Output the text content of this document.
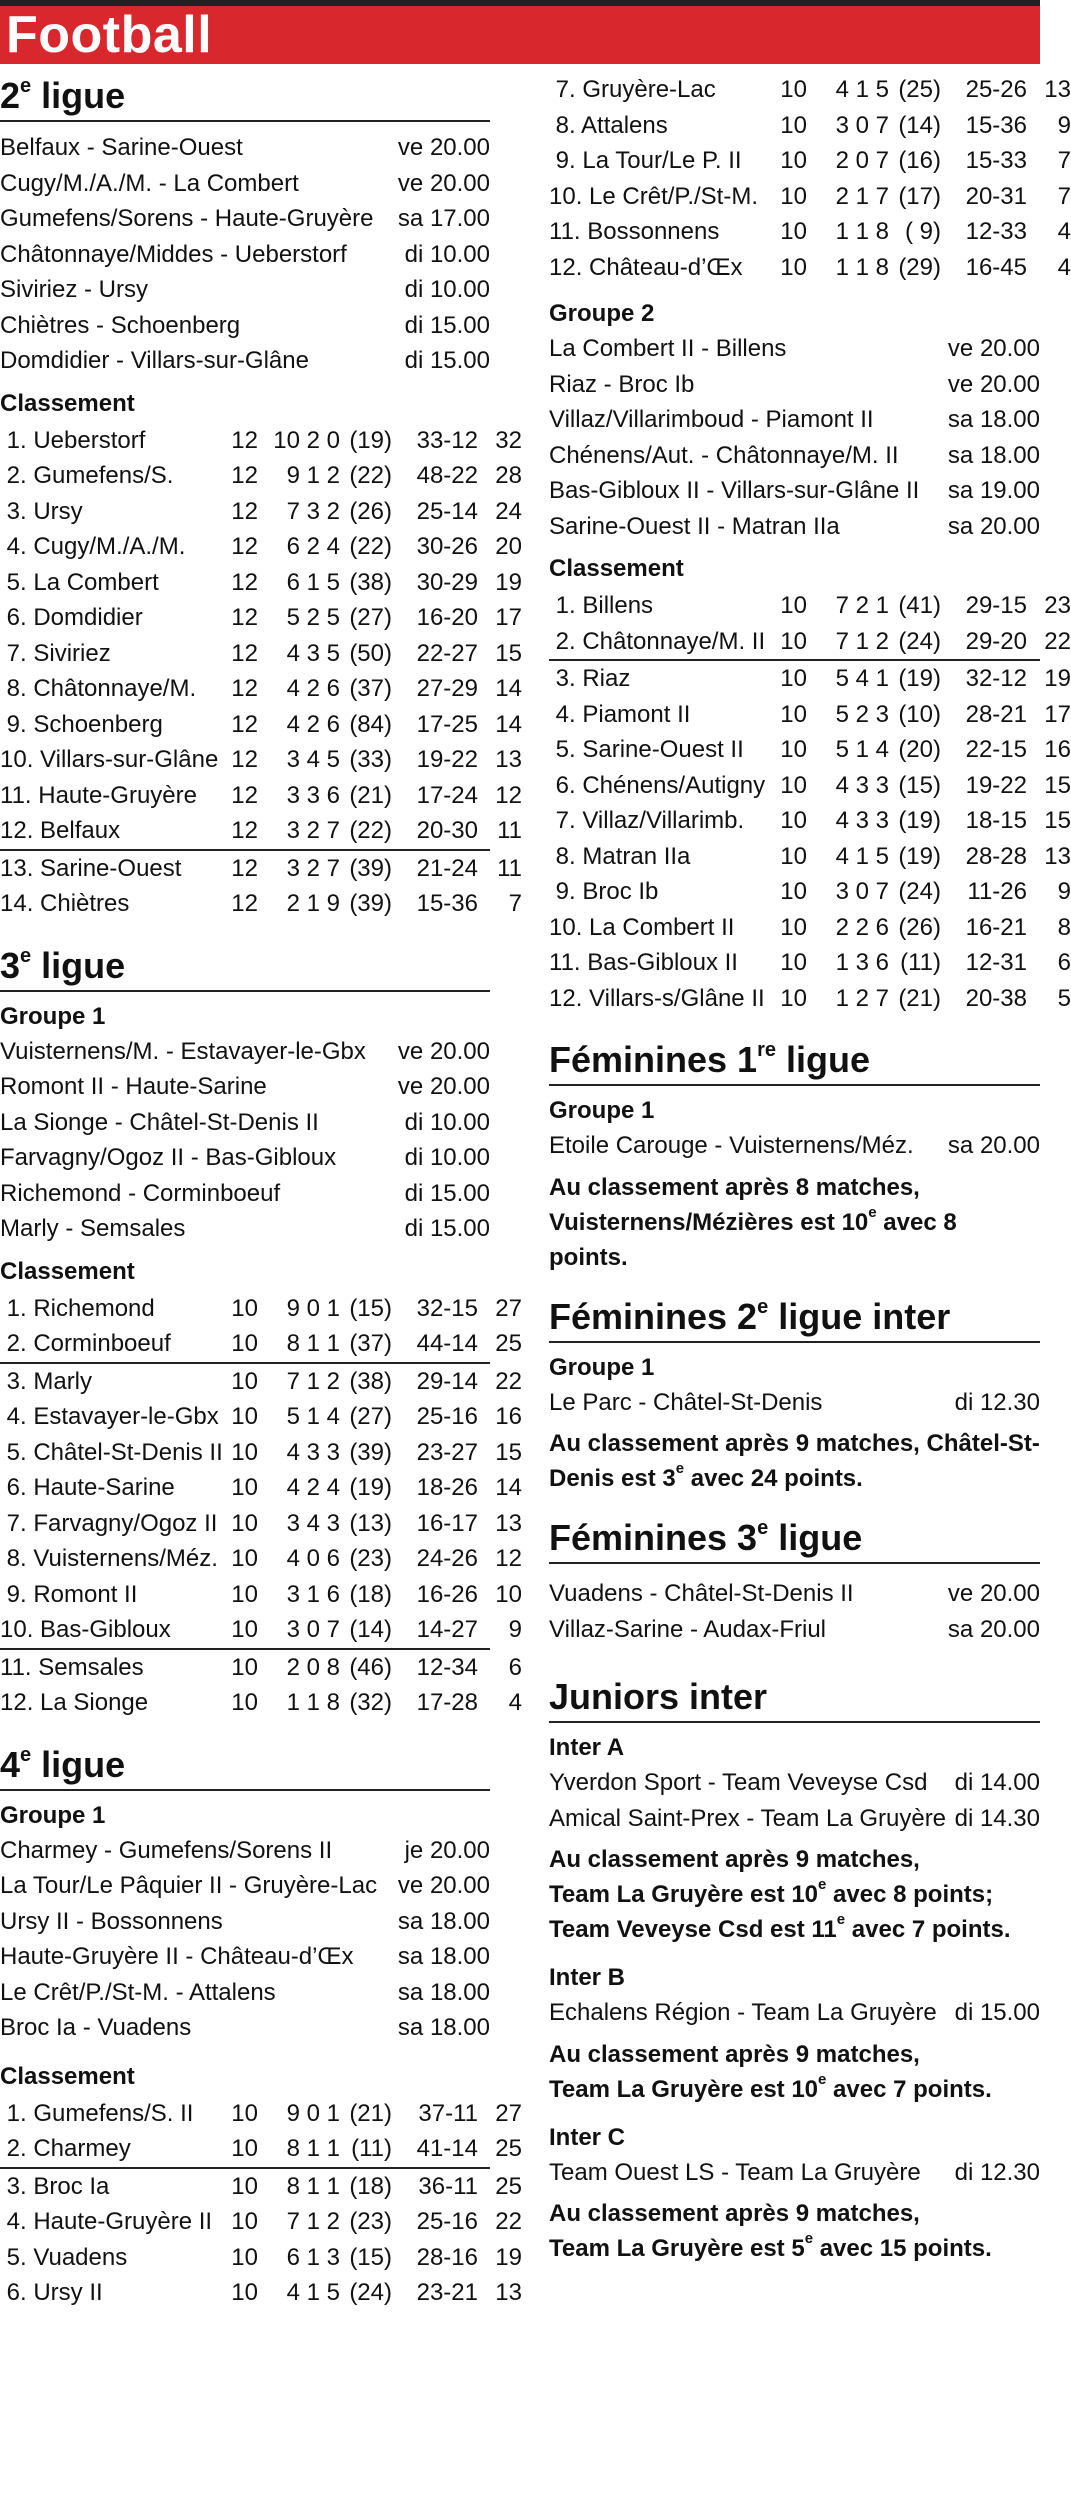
Football
2e ligue
Belfaux - Sarine-Ouest	ve 20.00
Cugy/M./A./M. - La Combert	ve 20.00
Gumefens/Sorens - Haute-Gruyère sa 17.00
Châtonnaye/Middes - Ueberstorf di 10.00
Siviriez - Ursy	di 10.00
Chiètres - Schoenberg	di 15.00
Domdidier - Villars-sur-Glâne	di 15.00
Classement
1. Ueberstorf	12 10 2 0 (19)	33-12 32
2. Gumefens/S.	12	9 1 2 (22)	48-22 28
3. Ursy	12	7 3 2 (26)	25-14 24
4. Cugy/M./A./M.	12	6 2 4 (22)	30-26 20
5. La Combert	12	6 1 5 (38)	30-29 19
6. Domdidier	12	5 2 5 (27)	16-20 17
7. Siviriez	12	4 3 5 (50)	22-27 15
8. Châtonnaye/M.	12	4 2 6 (37)	27-29 14
9. Schoenberg	12	4 2 6 (84)	17-25 14
10. Villars-sur-Glâne 12	3 4 5 (33)	19-22 13
11. Haute-Gruyère	12	3 3 6 (21)	17-24 12
12. Belfaux	12	3 2 7 (22)	20-30 11
13. Sarine-Ouest	12	3 2 7 (39)	21-24 11
14. Chiètres	12	2 1 9 (39)	15-36	7
3e ligue
Groupe 1
Vuisternens/M. - Estavayer-le-Gbx ve 20.00
Romont II - Haute-Sarine	ve 20.00
La Sionge - Châtel-St-Denis II	di 10.00
Farvagny/Ogoz II - Bas-Gibloux	di 10.00
Richemond - Corminboeuf	di 15.00
Marly - Semsales	di 15.00
Classement
1. Richemond	10	9 0 1 (15)	32-15 27
2. Corminboeuf	10	8 1 1 (37)	44-14 25
3. Marly	10	7 1 2 (38)	29-14 22
4. Estavayer-le-Gbx 10	5 1 4 (27)	25-16 16
5. Châtel-St-Denis II 10	4 3 3 (39)	23-27 15
6. Haute-Sarine	10	4 2 4 (19)	18-26 14
7. Farvagny/Ogoz II 10	3 4 3 (13)	16-17 13
8. Vuisternens/Méz. 10	4 0 6 (23)	24-26 12
9. Romont II	10	3 1 6 (18)	16-26 10
10. Bas-Gibloux	10	3 0 7 (14)	14-27	9
11. Semsales	10	2 0 8 (46)	12-34	6
12. La Sionge	10	1 1 8 (32)	17-28	4
4e ligue
Groupe 1
Charmey - Gumefens/Sorens II	je 20.00
La Tour/Le Pâquier II - Gruyère-Lac ve 20.00
Ursy II - Bossonnens	sa 18.00
Haute-Gruyère II - Château-d’Œx sa 18.00
Le Crêt/P./St-M. - Attalens	sa 18.00
Broc Ia - Vuadens	sa 18.00
Classement
1. Gumefens/S. II	10	9 0 1 (21)	37-11 27
2. Charmey	10	8 1 1 (11)	41-14 25
3. Broc Ia	10	8 1 1 (18)	36-11 25
4. Haute-Gruyère II 10	7 1 2 (23)	25-16 22
5. Vuadens	10	6 1 3 (15)	28-16 19
6. Ursy II	10	4 1 5 (24)	23-21 13
7. Gruyère-Lac	10	4 1 5 (25)	25-26 13
8. Attalens	10	3 0 7 (14)	15-36	9
9. La Tour/Le P. II	10	2 0 7 (16)	15-33	7
10. Le Crêt/P./St-M. 10	2 1 7 (17)	20-31	7
11. Bossonnens	10	1 1 8 ( 9)	12-33	4
12. Château-d’Œx	10	1 1 8 (29)	16-45	4
Groupe 2
La Combert II - Billens	ve 20.00
Riaz - Broc Ib	ve 20.00
Villaz/Villarimboud - Piamont II	sa 18.00
Chénens/Aut. - Châtonnaye/M. II sa 18.00
Bas-Gibloux II - Villars-sur-Glâne II sa 19.00
Sarine-Ouest II - Matran IIa	sa 20.00
Classement
1. Billens	10	7 2 1 (41)	29-15 23
2. Châtonnaye/M. II 10	7 1 2 (24)	29-20 22
3. Riaz	10	5 4 1 (19)	32-12 19
4. Piamont II	10	5 2 3 (10)	28-21 17
5. Sarine-Ouest II	10	5 1 4 (20)	22-15 16
6. Chénens/Autigny 10	4 3 3 (15)	19-22 15
7. Villaz/Villarimb.	10	4 3 3 (19)	18-15 15
8. Matran IIa	10	4 1 5 (19)	28-28 13
9. Broc Ib	10	3 0 7 (24)	11-26	9
10. La Combert II	10	2 2 6 (26)	16-21	8
11. Bas-Gibloux II	10	1 3 6 (11)	12-31	6
12. Villars-s/Glâne II 10	1 2 7 (21)	20-38	5
Féminines 1re ligue
Groupe 1
Etoile Carouge - Vuisternens/Méz. sa 20.00
Au classement après 8 matches, Vuisternens/Mézières est 10e avec 8 points.
Féminines 2e ligue inter
Groupe 1
Le Parc - Châtel-St-Denis	di 12.30
Au classement après 9 matches, Châtel-St-Denis est 3e avec 24 points.
Féminines 3e ligue
Vuadens - Châtel-St-Denis II	ve 20.00
Villaz-Sarine - Audax-Friul	sa 20.00
Juniors inter
Inter A
Yverdon Sport - Team Veveyse Csd di 14.00
Amical Saint-Prex - Team La Gruyère di 14.30
Au classement après 9 matches,
Team La Gruyère est 10e avec 8 points;
Team Veveyse Csd est 11e avec 7 points.
Inter B
Echalens Région - Team La Gruyère di 15.00
Au classement après 9 matches,
Team La Gruyère est 10e avec 7 points.
Inter C
Team Ouest LS - Team La Gruyère di 12.30
Au classement après 9 matches,
Team La Gruyère est 5e avec 15 points.
